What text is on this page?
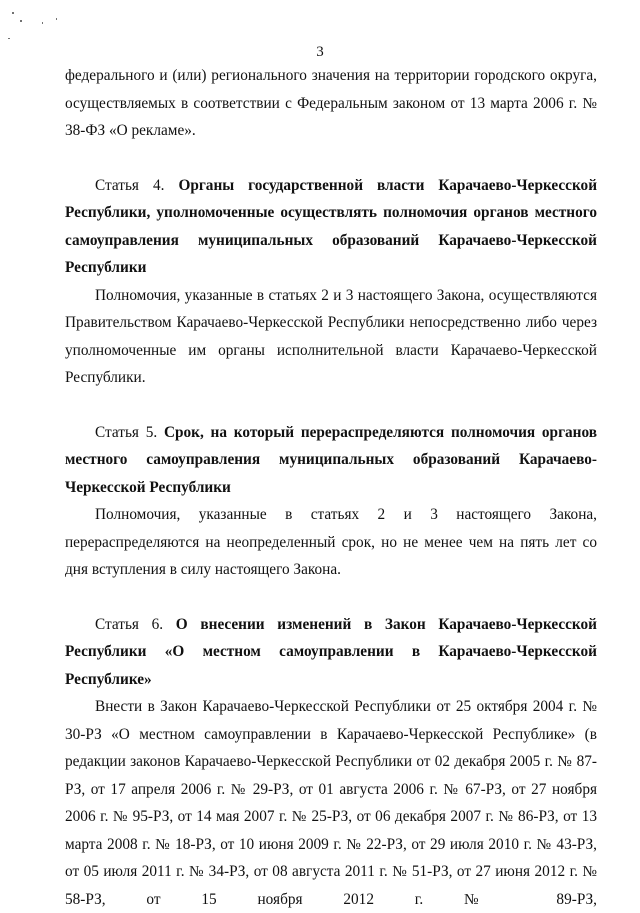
3

федерального и (или) регионального значения на территории городского округа, осуществляемых в соответствии с Федеральным законом от 13 марта 2006 г. № 38-ФЗ «О рекламе».

Статья 4. Органы государственной власти Карачаево-Черкесской Республики, уполномоченные осуществлять полномочия органов местного самоуправления муниципальных образований Карачаево-Черкесской Республики

Полномочия, указанные в статьях 2 и 3 настоящего Закона, осуществляются Правительством Карачаево-Черкесской Республики непосредственно либо через уполномоченные им органы исполнительной власти Карачаево-Черкесской Республики.

Статья 5. Срок, на который перераспределяются полномочия органов местного самоуправления муниципальных образований Карачаево-Черкесской Республики

Полномочия, указанные в статьях 2 и 3 настоящего Закона, перераспределяются на неопределенный срок, но не менее чем на пять лет со дня вступления в силу настоящего Закона.

Статья 6. О внесении изменений в Закон Карачаево-Черкесской Республики «О местном самоуправлении в Карачаево-Черкесской Республике»

Внести в Закон Карачаево-Черкесской Республики от 25 октября 2004 г. № 30-РЗ «О местном самоуправлении в Карачаево-Черкесской Республике» (в редакции законов Карачаево-Черкесской Республики от 02 декабря 2005 г. № 87-РЗ, от 17 апреля 2006 г. № 29-РЗ, от 01 августа 2006 г. № 67-РЗ, от 27 ноября 2006 г. № 95-РЗ, от 14 мая 2007 г. № 25-РЗ, от 06 декабря 2007 г. № 86-РЗ, от 13 марта 2008 г. № 18-РЗ, от 10 июня 2009 г. № 22-РЗ, от 29 июля 2010 г. № 43-РЗ, от 05 июля 2011 г. № 34-РЗ, от 08 августа 2011 г. № 51-РЗ, от 27 июня 2012 г. № 58-РЗ, от 15 ноября 2012 г. № 89-РЗ,
